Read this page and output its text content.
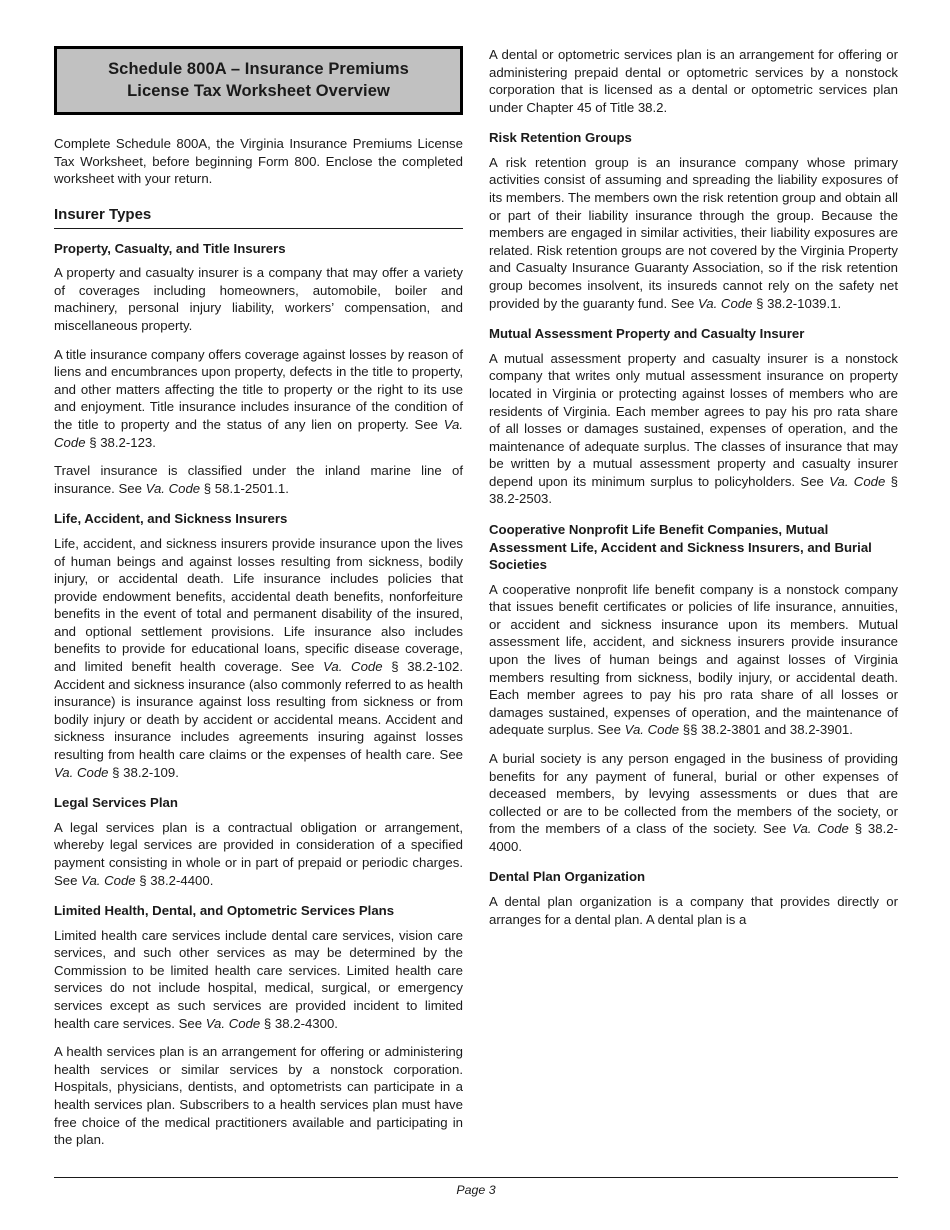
Schedule 800A – Insurance Premiums
License Tax Worksheet Overview

Complete Schedule 800A, the Virginia Insurance Premiums License Tax Worksheet, before beginning Form 800. Enclose the completed worksheet with your return.

Insurer Types
Property, Casualty, and Title Insurers

A property and casualty insurer is a company that may offer a variety of coverages including homeowners, automobile, boiler and machinery, personal injury liability, workers’ compensation, and miscellaneous property.

A title insurance company offers coverage against losses by reason of liens and encumbrances upon property, defects in the title to property, and other matters affecting the title to property or the right to its use and enjoyment. Title insurance includes insurance of the condition of the title to property and the status of any lien on property. See Va. Code § 38.2-123.

Travel insurance is classified under the inland marine line of insurance. See Va. Code § 58.1-2501.1.

Life, Accident, and Sickness Insurers

Life, accident, and sickness insurers provide insurance upon the lives of human beings and against losses resulting from sickness, bodily injury, or accidental death. Life insurance includes policies that provide endowment benefits, accidental death benefits, nonforfeiture benefits in the event of total and permanent disability of the insured, and optional settlement provisions. Life insurance also includes benefits to provide for educational loans, specific disease coverage, and limited benefit health coverage. See Va. Code § 38.2-102. Accident and sickness insurance (also commonly referred to as health insurance) is insurance against loss resulting from sickness or from bodily injury or death by accident or accidental means. Accident and sickness insurance includes agreements insuring against losses resulting from health care claims or the expenses of health care. See Va. Code § 38.2-109.

Legal Services Plan

A legal services plan is a contractual obligation or arrangement, whereby legal services are provided in consideration of a specified payment consisting in whole or in part of prepaid or periodic charges. See Va. Code § 38.2-4400.

Limited Health, Dental, and Optometric Services Plans

Limited health care services include dental care services, vision care services, and such other services as may be determined by the Commission to be limited health care services. Limited health care services do not include hospital, medical, surgical, or emergency services except as such services are provided incident to limited health care services. See Va. Code § 38.2-4300.

A health services plan is an arrangement for offering or administering health services or similar services by a nonstock corporation. Hospitals, physicians, dentists, and optometrists can participate in a health services plan. Subscribers to a health services plan must have free choice of the medical practitioners available and participating in the plan.

A dental or optometric services plan is an arrangement for offering or administering prepaid dental or optometric services by a nonstock corporation that is licensed as a dental or optometric services plan under Chapter 45 of Title 38.2.

Risk Retention Groups

A risk retention group is an insurance company whose primary activities consist of assuming and spreading the liability exposures of its members. The members own the risk retention group and obtain all or part of their liability insurance through the group. Because the members are engaged in similar activities, their liability exposures are related. Risk retention groups are not covered by the Virginia Property and Casualty Insurance Guaranty Association, so if the risk retention group becomes insolvent, its insureds cannot rely on the safety net provided by the guaranty fund. See Va. Code § 38.2-1039.1.

Mutual Assessment Property and Casualty Insurer

A mutual assessment property and casualty insurer is a nonstock company that writes only mutual assessment insurance on property located in Virginia or protecting against losses of members who are residents of Virginia. Each member agrees to pay his pro rata share of all losses or damages sustained, expenses of operation, and the maintenance of adequate surplus. The classes of insurance that may be written by a mutual assessment property and casualty insurer depend upon its minimum surplus to policyholders. See Va. Code § 38.2-2503.

Cooperative Nonprofit Life Benefit Companies, Mutual Assessment Life, Accident and Sickness Insurers, and Burial Societies

A cooperative nonprofit life benefit company is a nonstock company that issues benefit certificates or policies of life insurance, annuities, or accident and sickness insurance upon its members. Mutual assessment life, accident, and sickness insurers provide insurance upon the lives of human beings and against losses of Virginia members resulting from sickness, bodily injury, or accidental death. Each member agrees to pay his pro rata share of all losses or damages sustained, expenses of operation, and the maintenance of adequate surplus. See Va. Code §§ 38.2-3801 and 38.2-3901.

A burial society is any person engaged in the business of providing benefits for any payment of funeral, burial or other expenses of deceased members, by levying assessments or dues that are collected or are to be collected from the members of the society, or from the members of a class of the society. See Va. Code § 38.2-4000.

Dental Plan Organization

A dental plan organization is a company that provides directly or arranges for a dental plan. A dental plan is a

Page 3
